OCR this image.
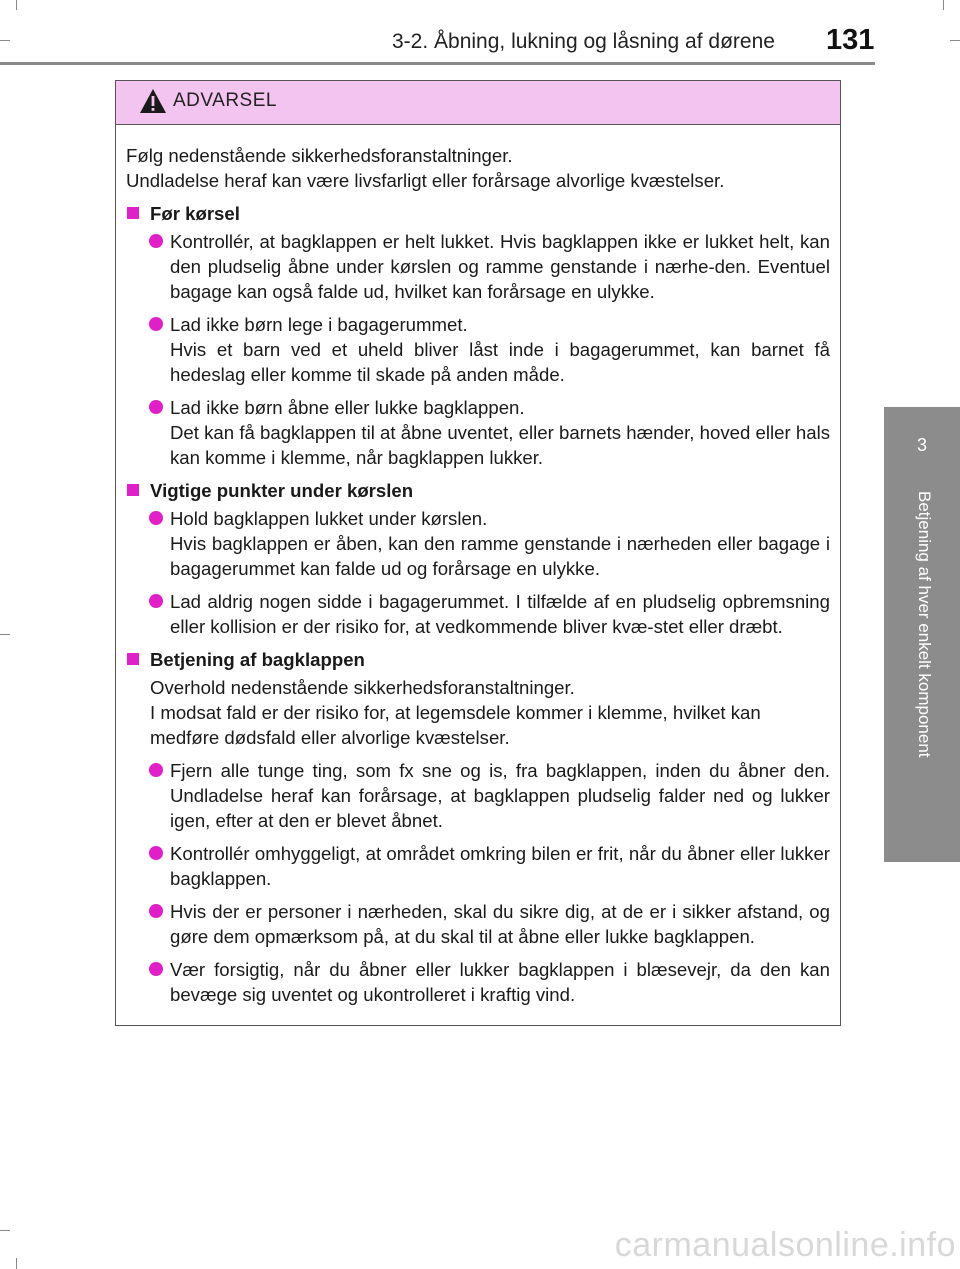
3-2. Åbning, lukning og låsning af dørene 131
3
Betjening af hver enkelt komponent
ADVARSEL
Følg nedenstående sikkerhedsforanstaltninger.
Undladelse heraf kan være livsfarligt eller forårsage alvorlige kvæstelser.
Før kørsel
Kontrollér, at bagklappen er helt lukket. Hvis bagklappen ikke er lukket helt, kan den pludselig åbne under kørslen og ramme genstande i nærhe-den. Eventuel bagage kan også falde ud, hvilket kan forårsage en ulykke.
Lad ikke børn lege i bagagerummet.
Hvis et barn ved et uheld bliver låst inde i bagagerummet, kan barnet få hedeslag eller komme til skade på anden måde.
Lad ikke børn åbne eller lukke bagklappen.
Det kan få bagklappen til at åbne uventet, eller barnets hænder, hoved eller hals kan komme i klemme, når bagklappen lukker.
Vigtige punkter under kørslen
Hold bagklappen lukket under kørslen.
Hvis bagklappen er åben, kan den ramme genstande i nærheden eller bagage i bagagerummet kan falde ud og forårsage en ulykke.
Lad aldrig nogen sidde i bagagerummet. I tilfælde af en pludselig opbremsning eller kollision er der risiko for, at vedkommende bliver kvæ-stet eller dræbt.
Betjening af bagklappen
Overhold nedenstående sikkerhedsforanstaltninger.
I modsat fald er der risiko for, at legemsdele kommer i klemme, hvilket kan medføre dødsfald eller alvorlige kvæstelser.
Fjern alle tunge ting, som fx sne og is, fra bagklappen, inden du åbner den. Undladelse heraf kan forårsage, at bagklappen pludselig falder ned og lukker igen, efter at den er blevet åbnet.
Kontrollér omhyggeligt, at området omkring bilen er frit, når du åbner eller lukker bagklappen.
Hvis der er personer i nærheden, skal du sikre dig, at de er i sikker afstand, og gøre dem opmærksom på, at du skal til at åbne eller lukke bagklappen.
Vær forsigtig, når du åbner eller lukker bagklappen i blæsevejr, da den kan bevæge sig uventet og ukontrolleret i kraftig vind.
carmanualsonline.info
